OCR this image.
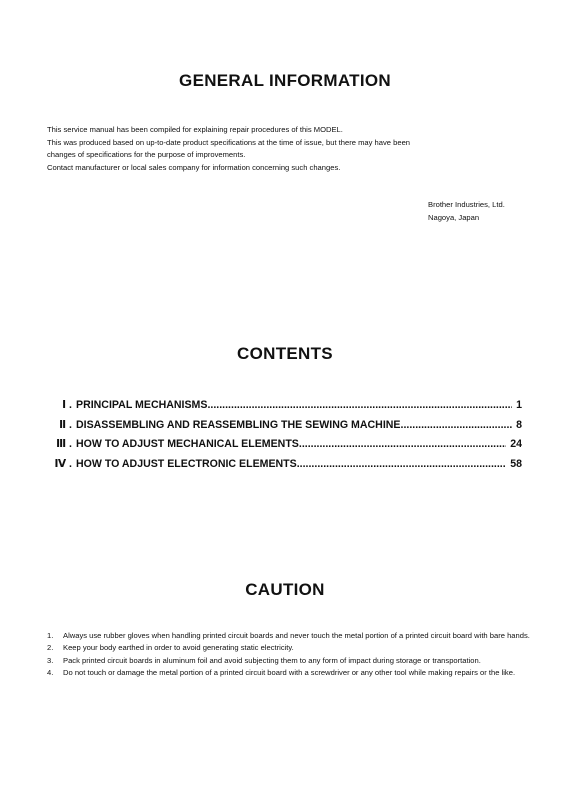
GENERAL INFORMATION

This service manual has been compiled for explaining repair procedures of this MODEL.

This was produced based on up-to-date product specifications at the time of issue, but there may have been

changes of specifications for the purpose of improvements.

Contact manufacturer or local sales company for information concerning such changes.

Brother Industries, Ltd.
Nagoya, Japan
CONTENTS
Ⅰ . PRINCIPAL MECHANISMS .....	1
Ⅱ . DISASSEMBLING AND REASSEMBLING THE SEWING MACHINE .....	8
Ⅲ . HOW TO ADJUST MECHANICAL ELEMENTS .....	24
Ⅳ . HOW TO ADJUST ELECTRONIC ELEMENTS .....	58
CAUTION
1.	Always use rubber gloves when handling printed circuit boards and never touch the metal portion of a printed circuit board with bare hands.
2.	Keep your body earthed in order to avoid generating static electricity.
3.	Pack printed circuit boards in aluminum foil and avoid subjecting them to any form of impact during storage or transportation.
4.	Do not touch or damage the metal portion of a printed circuit board with a screwdriver or any other tool while making repairs or the like.
